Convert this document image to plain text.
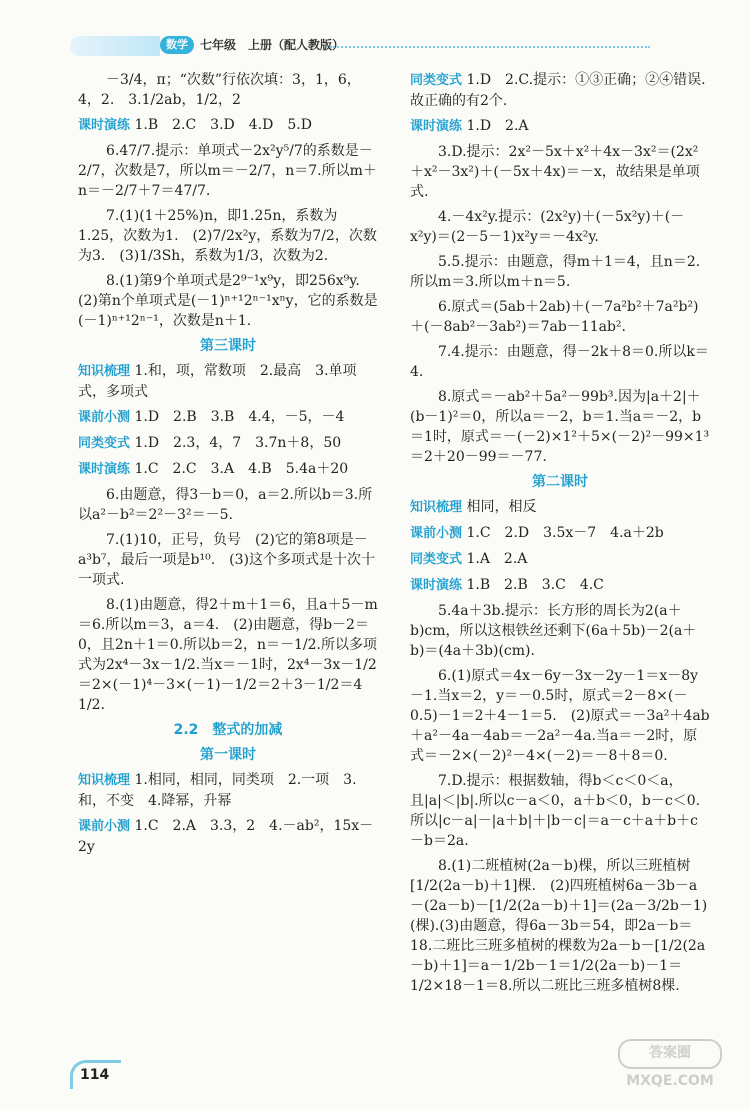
数学	七年级　上册（配人教版）
－3/4，π；“次数”行依次填：3，1，6，4，2.　3.1/2ab，1/2，2
课时演练 1.B　2.C　3.D　4.D　5.D
6.47/7.提示：单项式－2x²y⁵/7的系数是－2/7，次数是7，所以m＝－2/7，n＝7.所以m＋n＝－2/7＋7＝47/7.
7.(1)(1＋25%)n，即1.25n，系数为1.25，次数为1.　(2)7/2x²y，系数为7/2，次数为3.　(3)1/3Sh，系数为1/3，次数为2.
8.(1)第9个单项式是2⁹⁻¹x⁹y，即256x⁹y.(2)第n个单项式是(－1)ⁿ⁺¹2ⁿ⁻¹xⁿy，它的系数是(－1)ⁿ⁺¹2ⁿ⁻¹，次数是n＋1.
第三课时
知识梳理 1.和，项，常数项　2.最高　3.单项式，多项式
课前小测 1.D　2.B　3.B　4.4，－5，－4
同类变式 1.D　2.3，4，7　3.7n＋8，50
课时演练 1.C　2.C　3.A　4.B　5.4a＋20
6.由题意，得3－b＝0，a＝2.所以b＝3.所以a²－b²＝2²－3²＝－5.
7.(1)10，正号，负号　(2)它的第8项是－a³b⁷，最后一项是b¹⁰.　(3)这个多项式是十次十一项式.
8.(1)由题意，得2＋m＋1＝6，且a＋5－m＝6.所以m＝3，a＝4.　(2)由题意，得b－2＝0，且2n＋1＝0.所以b＝2，n＝－1/2.所以多项式为2x⁴－3x－1/2.当x＝－1时，2x⁴－3x－1/2＝2×(－1)⁴－3×(－1)－1/2＝2＋3－1/2＝4 1/2.
2.2　整式的加减
第一课时
知识梳理 1.相同，相同，同类项　2.一项　3.和，不变　4.降幂，升幂
课前小测 1.C　2.A　3.3，2　4.－ab²，15x－2y
同类变式 1.D　2.C.提示：①③正确；②④错误.故正确的有2个.
课时演练 1.D　2.A
3.D.提示：2x²－5x＋x²＋4x－3x²＝(2x²＋x²－3x²)＋(－5x＋4x)＝－x，故结果是单项式.
4.－4x²y.提示：(2x²y)＋(－5x²y)＋(－x²y)＝(2－5－1)x²y＝－4x²y.
5.5.提示：由题意，得m＋1＝4，且n＝2.所以m＝3.所以m＋n＝5.
6.原式＝(5ab＋2ab)＋(－7a²b²＋7a²b²)＋(－8ab²－3ab²)＝7ab－11ab².
7.4.提示：由题意，得－2k＋8＝0.所以k＝4.
8.原式＝－ab²＋5a²－99b³.因为|a＋2|＋(b－1)²＝0，所以a＝－2，b＝1.当a＝－2，b＝1时，原式＝－(－2)×1²＋5×(－2)²－99×1³＝2＋20－99＝－77.
第二课时
知识梳理 相同，相反
课前小测 1.C　2.D　3.5x－7　4.a＋2b
同类变式 1.A　2.A
课时演练 1.B　2.B　3.C　4.C
5.4a＋3b.提示：长方形的周长为2(a＋b)cm，所以这根铁丝还剩下(6a＋5b)－2(a＋b)＝(4a＋3b)(cm).
6.(1)原式＝4x－6y－3x－2y－1＝x－8y－1.当x＝2，y＝－0.5时，原式＝2－8×(－0.5)－1＝2＋4－1＝5.　(2)原式＝－3a²＋4ab＋a²－4a－4ab＝－2a²－4a.当a＝－2时，原式＝－2×(－2)²－4×(－2)＝－8＋8＝0.
7.D.提示：根据数轴，得b＜c＜0＜a，且|a|＜|b|.所以c－a＜0，a＋b＜0，b－c＜0.所以|c－a|－|a＋b|＋|b－c|＝a－c＋a＋b＋c－b＝2a.
8.(1)二班植树(2a－b)棵，所以三班植树[1/2(2a－b)＋1]棵.　(2)四班植树6a－3b－a－(2a－b)－[1/2(2a－b)＋1]＝(2a－3/2b－1)(棵).(3)由题意，得6a－3b＝54，即2a－b＝18.二班比三班多植树的棵数为2a－b－[1/2(2a－b)＋1]＝a－1/2b－1＝1/2(2a－b)－1＝1/2×18－1＝8.所以二班比三班多植树8棵.
114
答案圈
MXQE.COM
